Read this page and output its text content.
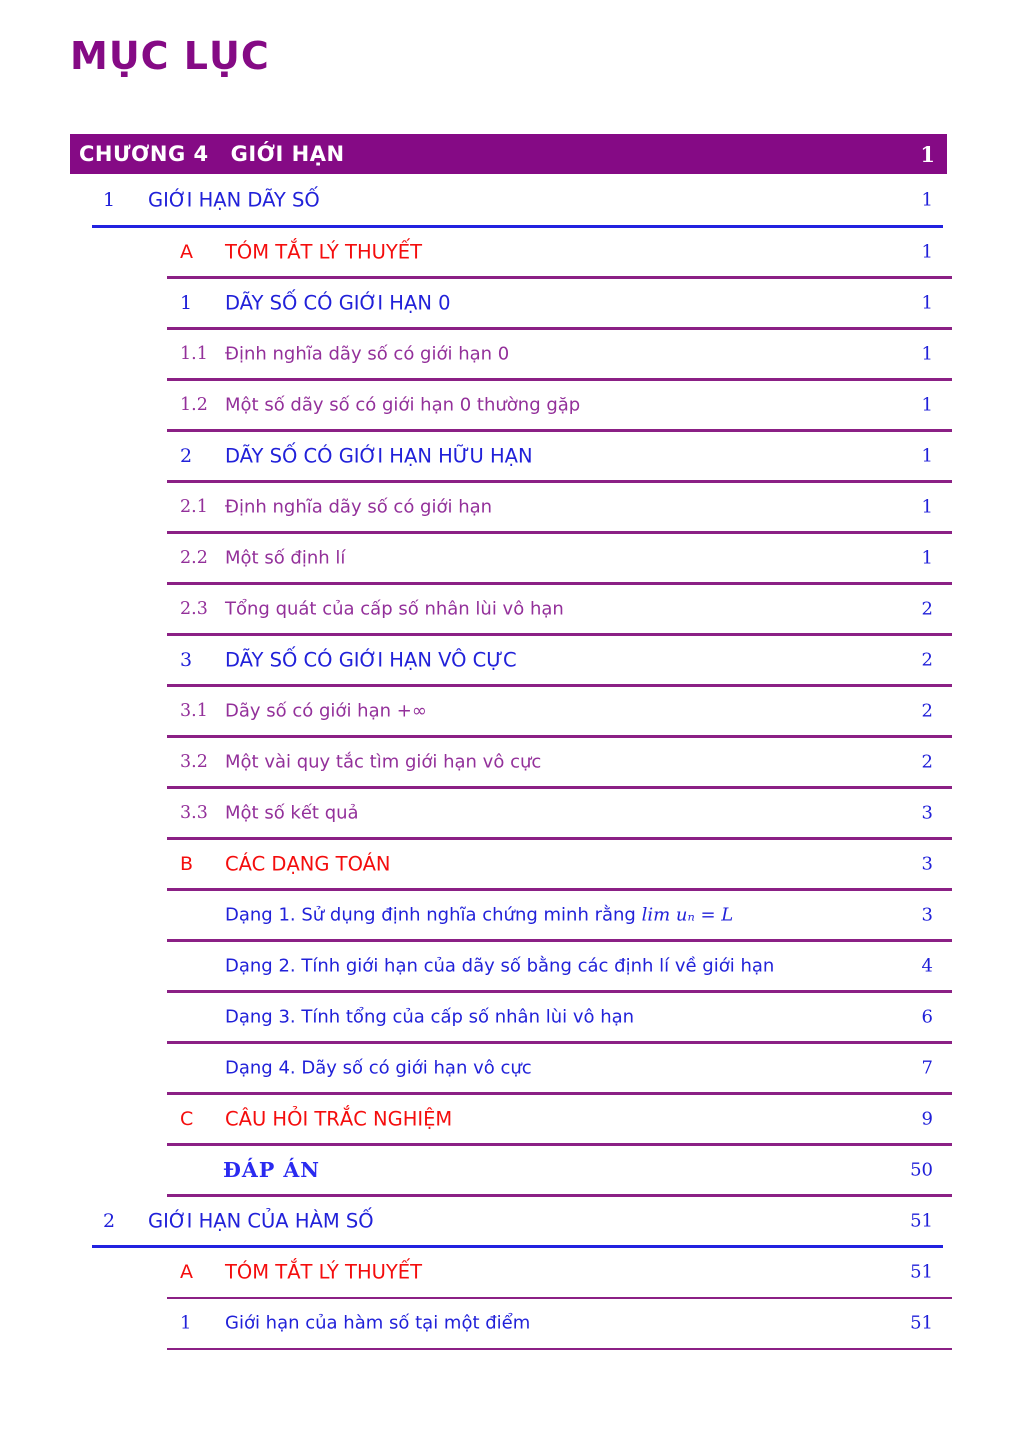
MỤC LỤC
CHƯƠNG 4 GIỚI HẠN	1
1 GIỚI HẠN DÃY SỐ	1
A TÓM TẮT LÝ THUYẾT	1
1 DÃY SỐ CÓ GIỚI HẠN 0	1
1.1 Định nghĩa dãy số có giới hạn 0	1
1.2 Một số dãy số có giới hạn 0 thường gặp	1
2 DÃY SỐ CÓ GIỚI HẠN HỮU HẠN	1
2.1 Định nghĩa dãy số có giới hạn	1
2.2 Một số định lí	1
2.3 Tổng quát của cấp số nhân lùi vô hạn	2
3 DÃY SỐ CÓ GIỚI HẠN VÔ CỰC	2
3.1 Dãy số có giới hạn +∞	2
3.2 Một vài quy tắc tìm giới hạn vô cực	2
3.3 Một số kết quả	3
B CÁC DẠNG TOÁN	3
Dạng 1. Sử dụng định nghĩa chứng minh rằng lim uₙ = L	3
Dạng 2. Tính giới hạn của dãy số bằng các định lí về giới hạn	4
Dạng 3. Tính tổng của cấp số nhân lùi vô hạn	6
Dạng 4. Dãy số có giới hạn vô cực	7
C CÂU HỎI TRẮC NGHIỆM	9
ĐÁP ÁN	50
2 GIỚI HẠN CỦA HÀM SỐ	51
A TÓM TẮT LÝ THUYẾT	51
1 Giới hạn của hàm số tại một điểm	51
